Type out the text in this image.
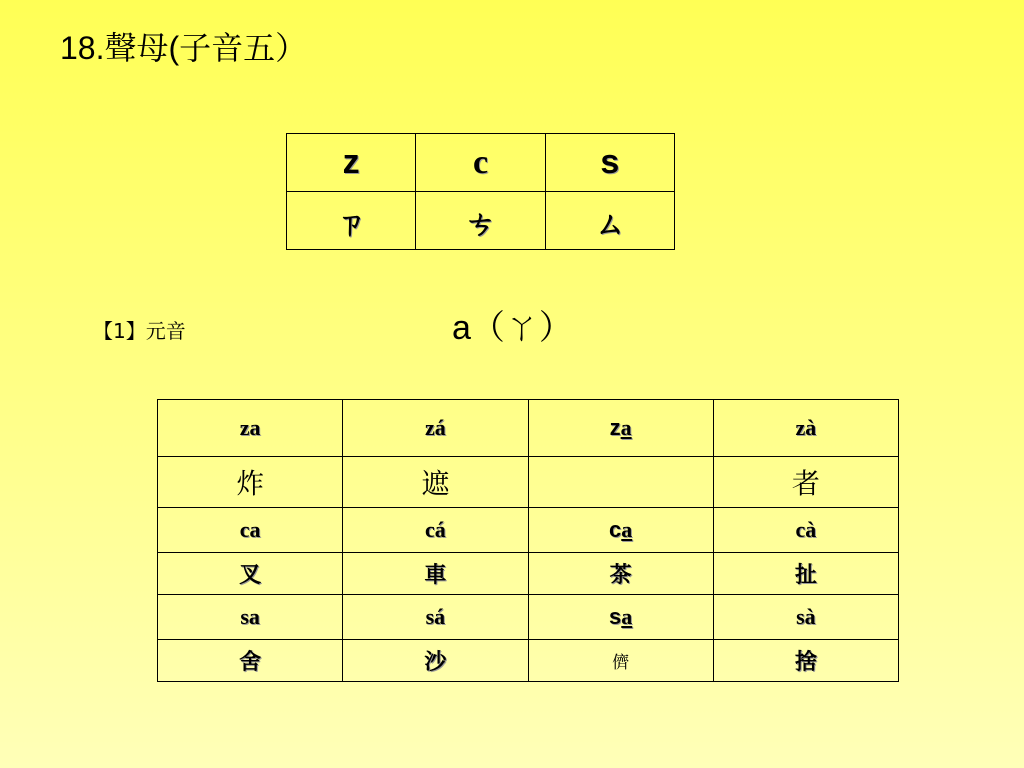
18.聲母(子音五）
z	c	s
ㄗ	ㄘ	ㄙ
【1】元音	a（ㄚ）
za	zá	za	zà
炸	遮		者
ca	cá	ca	cà
叉	車	茶	扯
sa	sá	sa	sà
舍	沙	儕	捨
